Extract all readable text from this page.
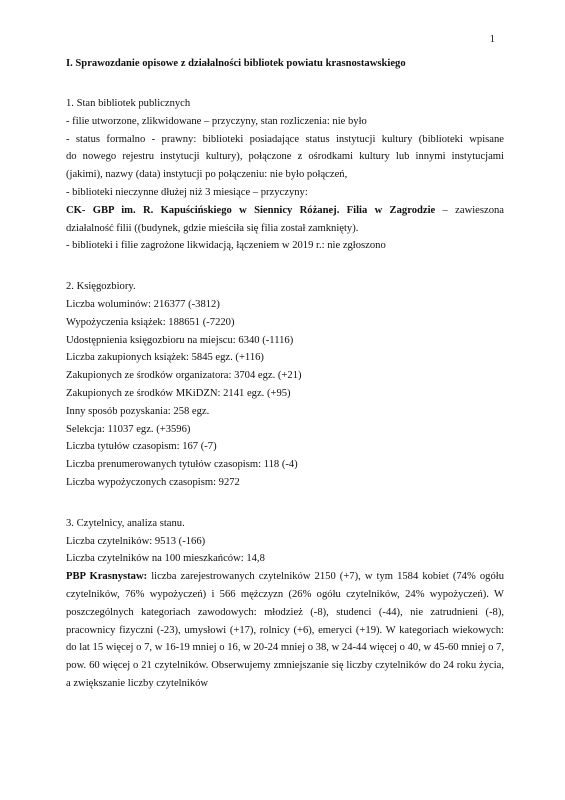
1

I. Sprawozdanie opisowe z działalności bibliotek powiatu krasnostawskiego

1. Stan bibliotek publicznych

- filie utworzone, zlikwidowane – przyczyny, stan rozliczenia: nie było

- status formalno - prawny: biblioteki posiadające status instytucji kultury (biblioteki wpisane

do nowego rejestru instytucji kultury), połączone z ośrodkami kultury lub innymi instytucjami

(jakimi), nazwy (data) instytucji po połączeniu: nie było połączeń,

- biblioteki nieczynne dłużej niż 3 miesiące – przyczyny:

CK- GBP im. R. Kapuścińskiego w Siennicy Różanej. Filia w Zagrodzie – zawieszona

działalność filii ((budynek, gdzie mieściła się filia został zamknięty).

- biblioteki i filie zagrożone likwidacją, łączeniem w 2019 r.: nie zgłoszono

2. Księgozbiory.

Liczba woluminów: 216377 (-3812)

Wypożyczenia książek: 188651 (-7220)

Udostępnienia księgozbioru na miejscu: 6340 (-1116)

Liczba zakupionych książek: 5845 egz. (+116)

Zakupionych ze środków organizatora: 3704 egz. (+21)

Zakupionych ze środków MKiDZN: 2141 egz. (+95)

Inny sposób pozyskania: 258 egz.

Selekcja: 11037 egz. (+3596)

Liczba tytułów czasopism: 167 (-7)

Liczba prenumerowanych tytułów czasopism: 118 (-4)

Liczba wypożyczonych czasopism: 9272

3. Czytelnicy, analiza stanu.

Liczba czytelników: 9513 (-166)

Liczba czytelników na 100 mieszkańców: 14,8

PBP Krasnystaw: liczba zarejestrowanych czytelników 2150 (+7), w tym 1584 kobiet (74% ogółu czytelników, 76% wypożyczeń) i 566 mężczyzn (26% ogółu czytelników, 24% wypożyczeń). W poszczególnych kategoriach zawodowych: młodzież (-8), studenci (-44), nie zatrudnieni (-8), pracownicy fizyczni (-23), umysłowi (+17), rolnicy (+6), emeryci (+19). W kategoriach wiekowych: do lat 15 więcej o 7, w 16-19 mniej o 16, w 20-24 mniej o 38, w 24-44 więcej o 40, w 45-60 mniej o 7, pow. 60 więcej o 21 czytelników. Obserwujemy zmniejszanie się liczby czytelników do 24 roku życia, a zwiększanie liczby czytelników
